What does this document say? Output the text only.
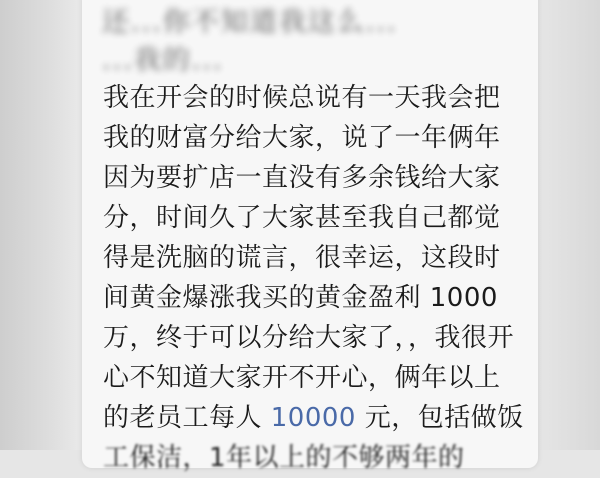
还...你不知道我这么...
...我的...
我在开会的时候总说有一天我会把
我的财富分给大家，说了一年俩年
因为要扩店一直没有多余钱给大家
分，时间久了大家甚至我自己都觉
得是洗脑的谎言，很幸运，这段时
间黄金爆涨我买的黄金盈利 1000
万，终于可以分给大家了，，我很开
心不知道大家开不开心，俩年以上
的老员工每人 10000 元，包括做饭
工保洁，1年以上的不够两年的
